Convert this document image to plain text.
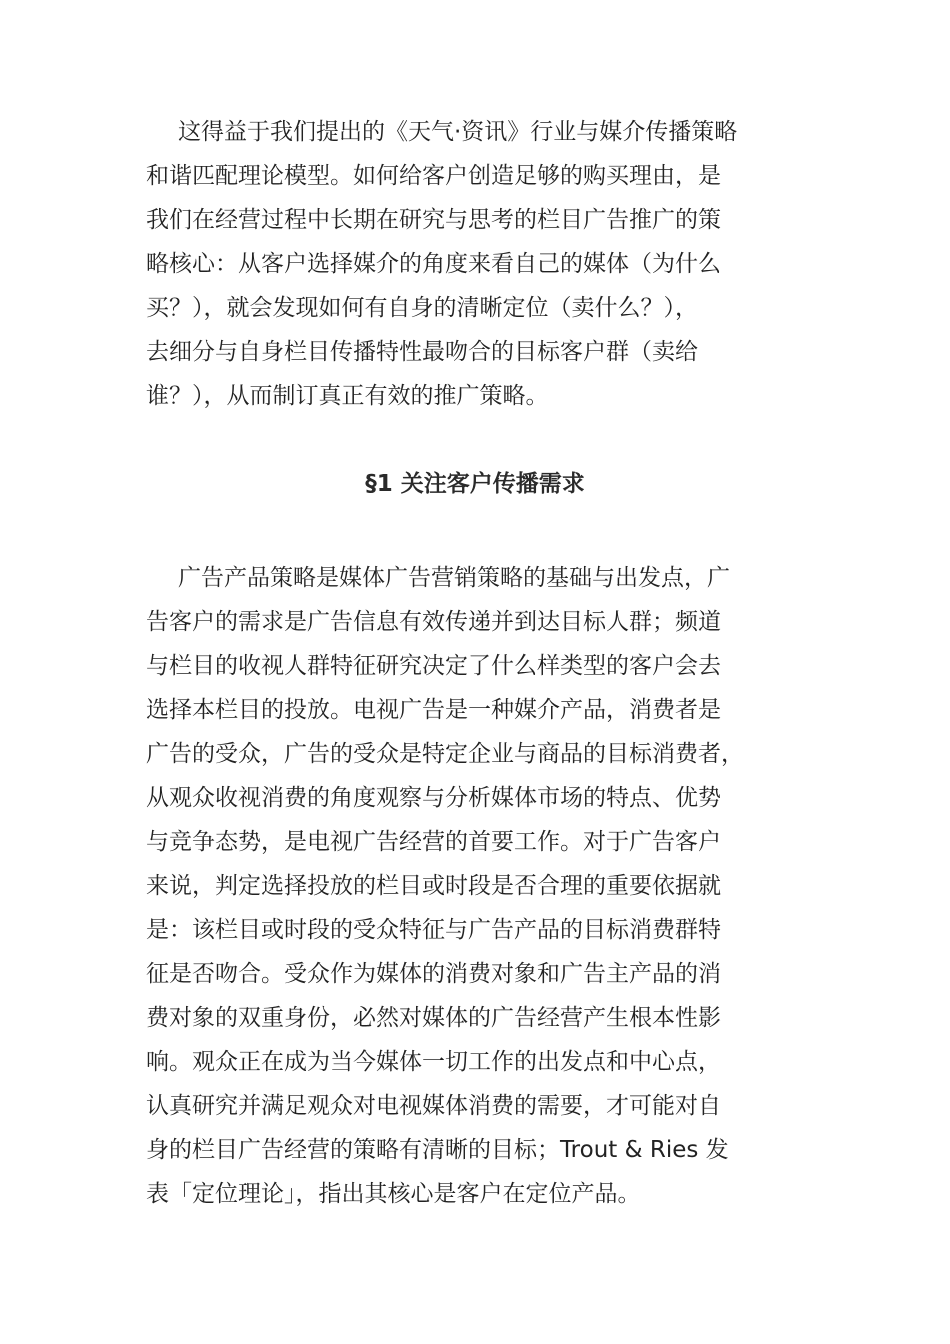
这得益于我们提出的《天气·资讯》行业与媒介传播策略
和谐匹配理论模型。如何给客户创造足够的购买理由，是
我们在经营过程中长期在研究与思考的栏目广告推广的策
略核心：从客户选择媒介的角度来看自己的媒体（为什么
买？），就会发现如何有自身的清晰定位（卖什么？），
去细分与自身栏目传播特性最吻合的目标客户群（卖给
谁？），从而制订真正有效的推广策略。
§1 关注客户传播需求
广告产品策略是媒体广告营销策略的基础与出发点，广
告客户的需求是广告信息有效传递并到达目标人群；频道
与栏目的收视人群特征研究决定了什么样类型的客户会去
选择本栏目的投放。电视广告是一种媒介产品，消费者是
广告的受众，广告的受众是特定企业与商品的目标消费者，
从观众收视消费的角度观察与分析媒体市场的特点、优势
与竞争态势，是电视广告经营的首要工作。对于广告客户
来说，判定选择投放的栏目或时段是否合理的重要依据就
是：该栏目或时段的受众特征与广告产品的目标消费群特
征是否吻合。受众作为媒体的消费对象和广告主产品的消
费对象的双重身份，必然对媒体的广告经营产生根本性影
响。观众正在成为当今媒体一切工作的出发点和中心点，
认真研究并满足观众对电视媒体消费的需要，才可能对自
身的栏目广告经营的策略有清晰的目标；Trout & Ries 发
表「定位理论」，指出其核心是客户在定位产品。
